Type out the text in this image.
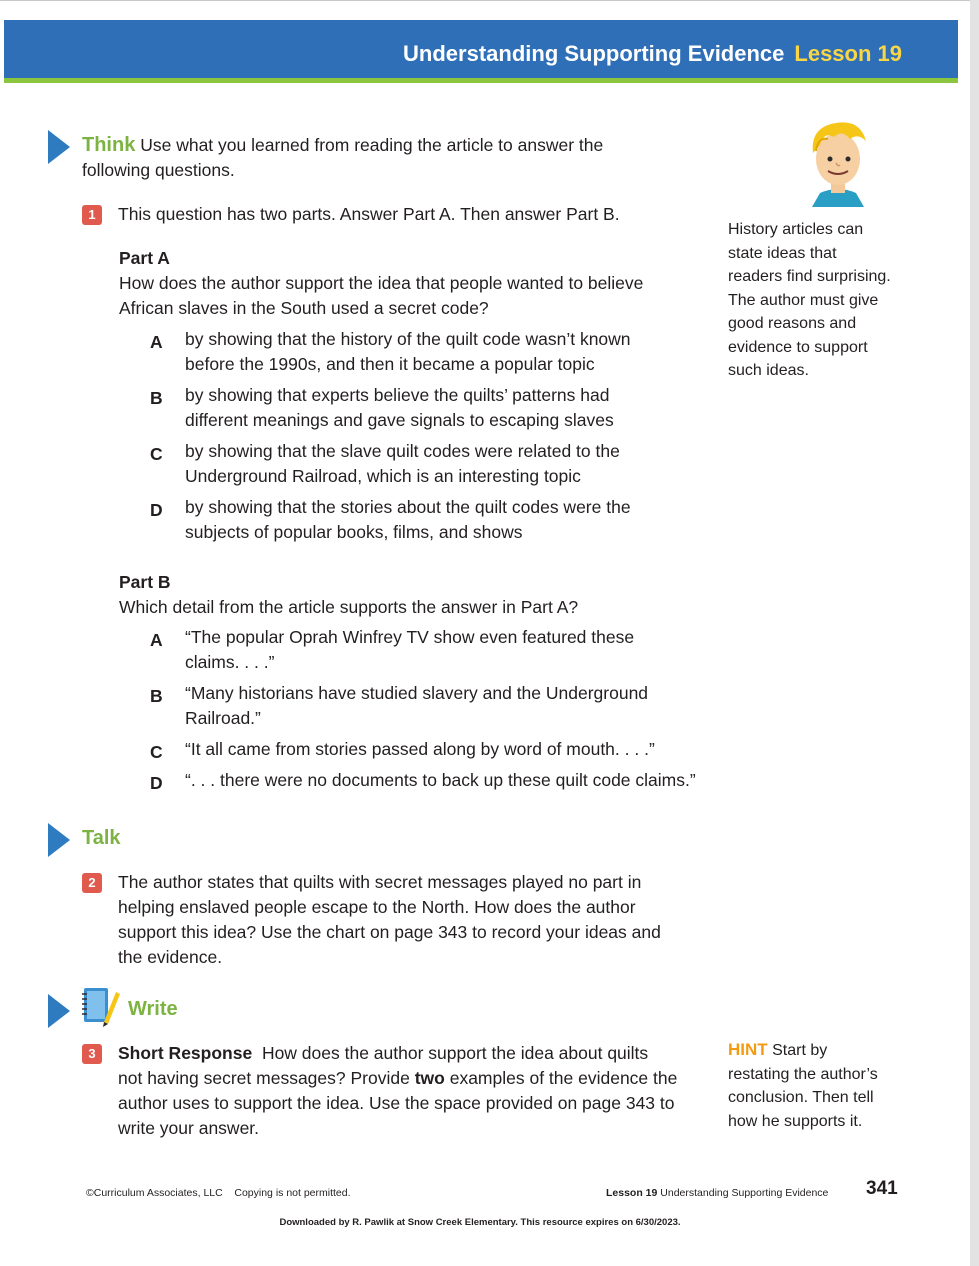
Understanding Supporting Evidence Lesson 19
Think Use what you learned from reading the article to answer the
following questions.
History articles can
state ideas that
readers find surprising.
The author must give
good reasons and
evidence to support
such ideas.
1	This question has two parts. Answer Part A. Then answer Part B.
Part A
How does the author support the idea that people wanted to believe
African slaves in the South used a secret code?
A	by showing that the history of the quilt code wasn’t known
before the 1990s, and then it became a popular topic
B	by showing that experts believe the quilts’ patterns had
different meanings and gave signals to escaping slaves
C	by showing that the slave quilt codes were related to the
Underground Railroad, which is an interesting topic
D	by showing that the stories about the quilt codes were the
subjects of popular books, films, and shows
Part B
Which detail from the article supports the answer in Part A?
A	“The popular Oprah Winfrey TV show even featured these
claims. . . .”
B	“Many historians have studied slavery and the Underground
Railroad.”
C	“It all came from stories passed along by word of mouth. . . .”
D	“. . . there were no documents to back up these quilt code claims.”
Talk
2	The author states that quilts with secret messages played no part in
helping enslaved people escape to the North. How does the author
support this idea? Use the chart on page 343 to record your ideas and
the evidence.
Write
3	Short Response How does the author support the idea about quilts
not having secret messages? Provide two examples of the evidence the
author uses to support the idea. Use the space provided on page 343 to
write your answer.
HINT Start by
restating the author’s
conclusion. Then tell
how he supports it.
©Curriculum Associates, LLC Copying is not permitted.	Lesson 19 Understanding Supporting Evidence 341
Downloaded by R. Pawlik at Snow Creek Elementary. This resource expires on 6/30/2023.
